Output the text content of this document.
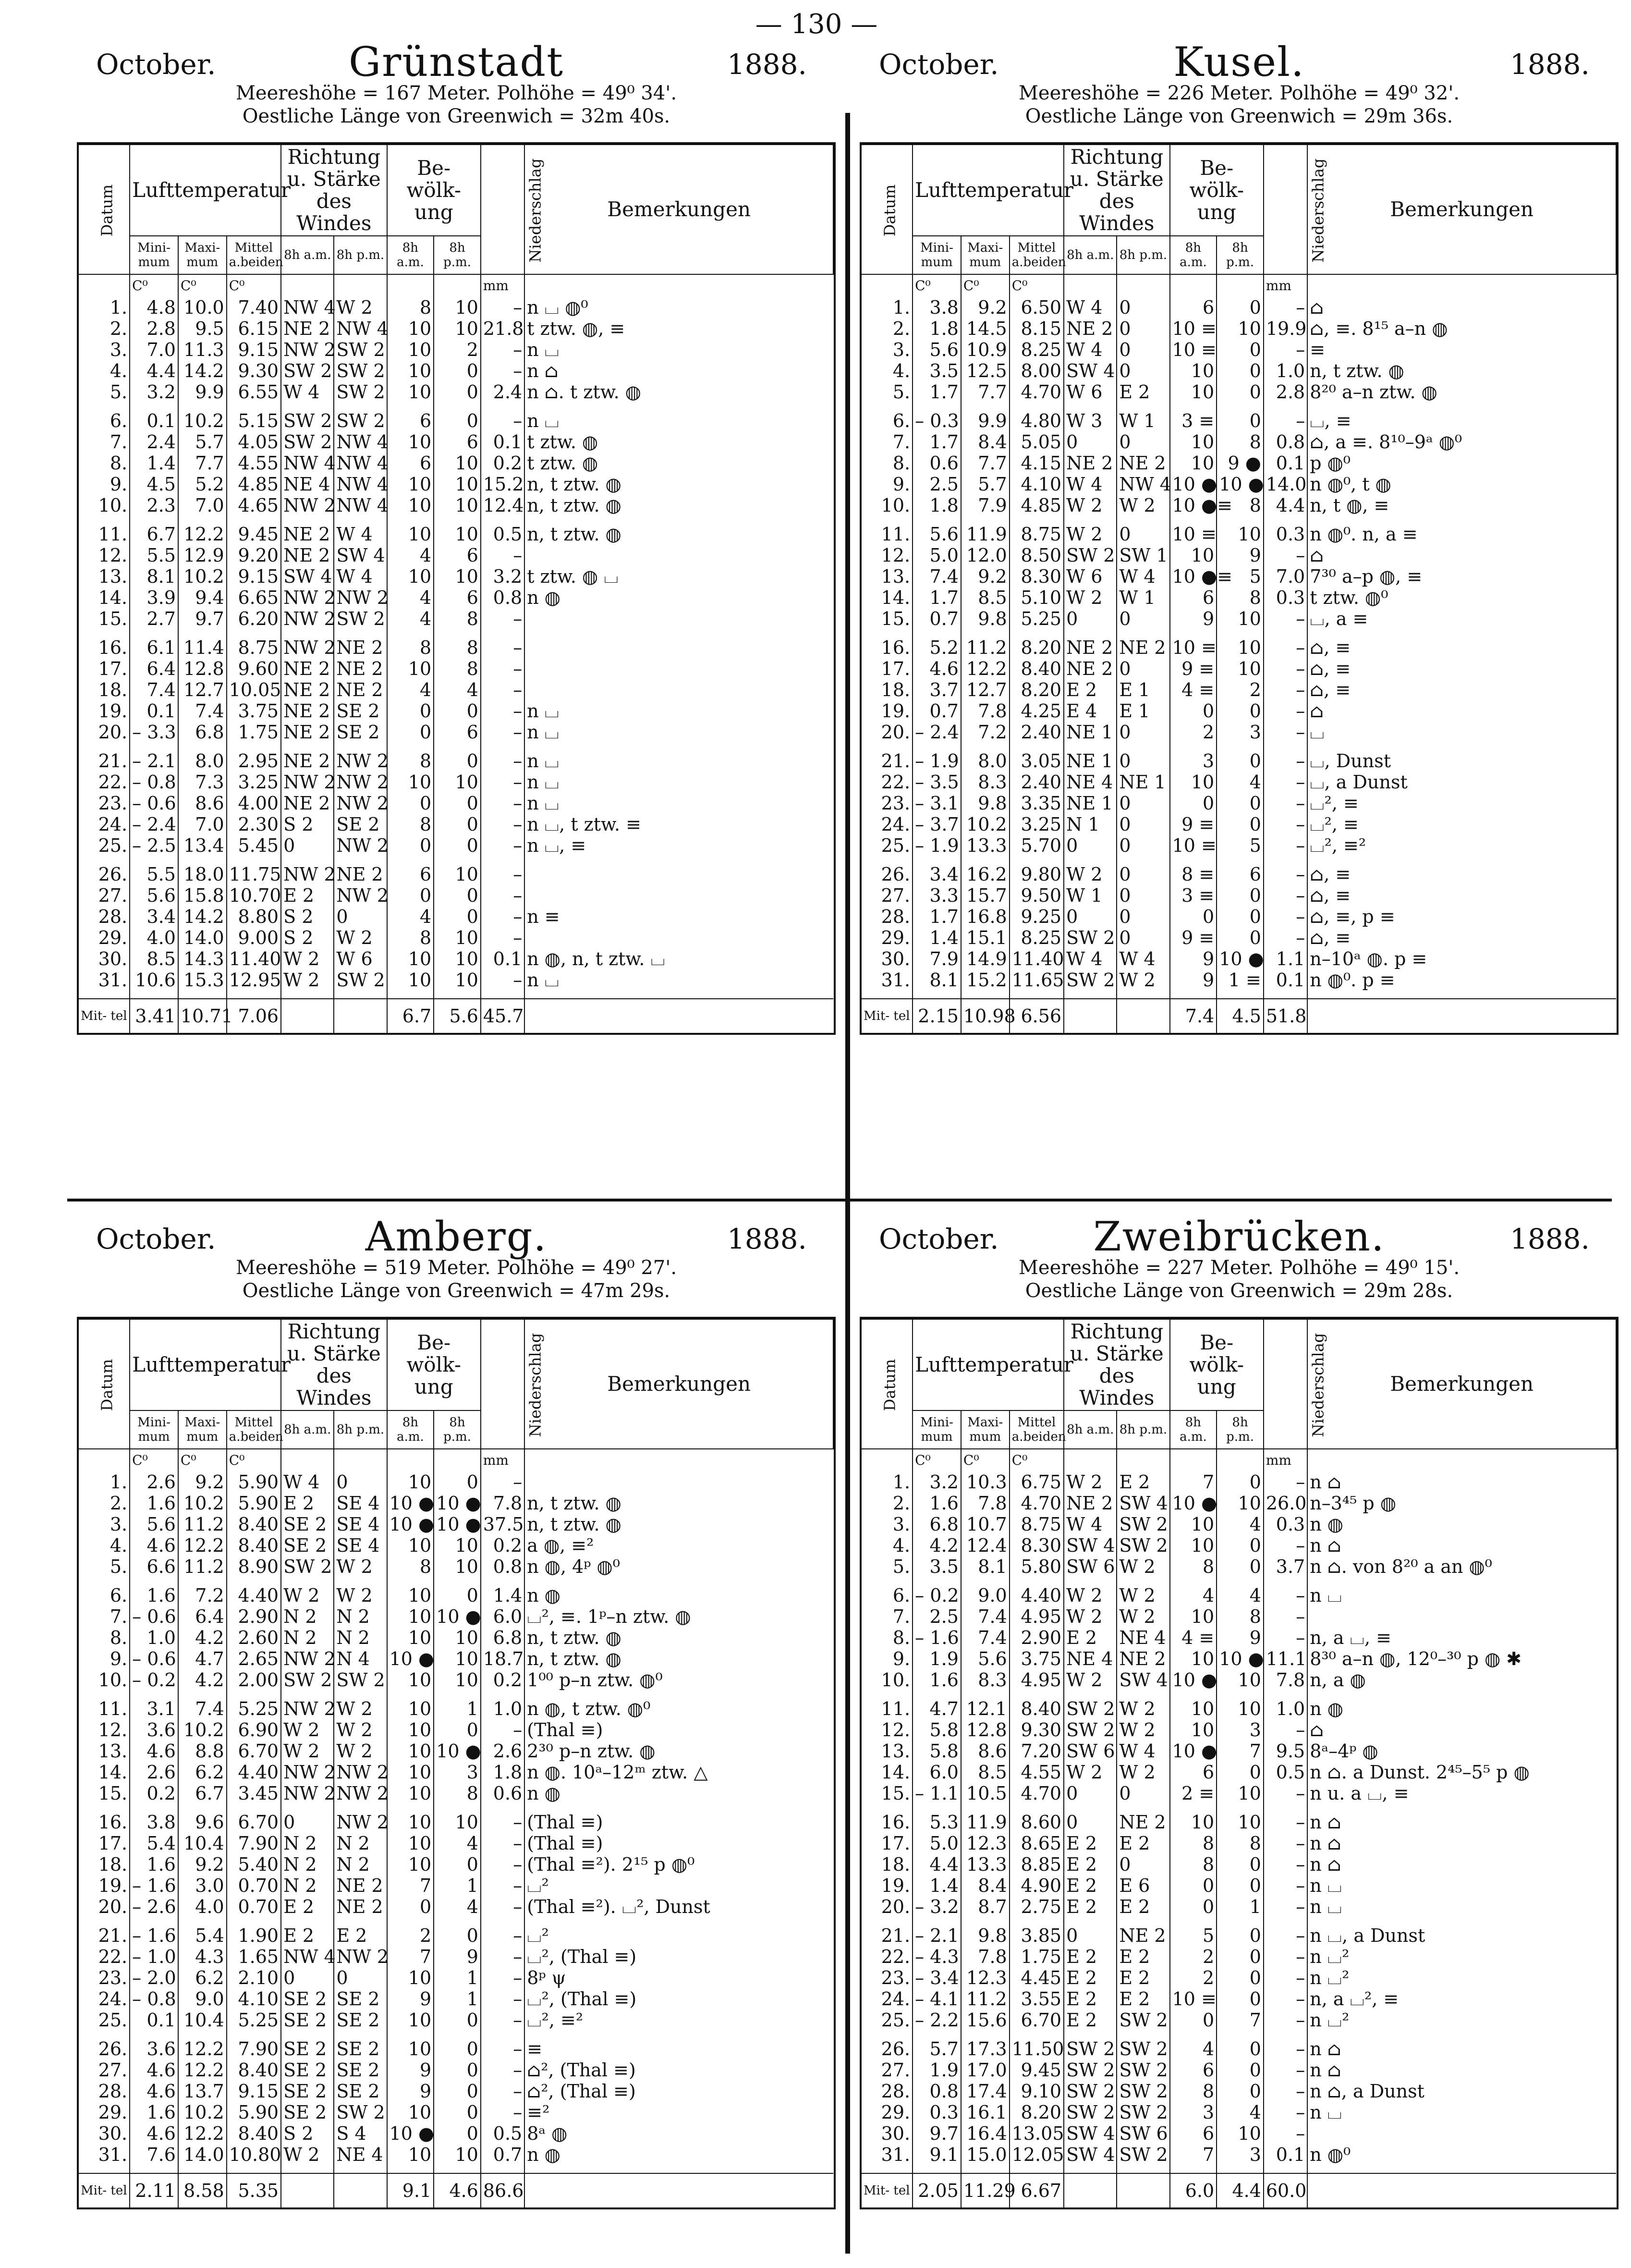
— 130 —
October.	Grünstadt	1888.
Meereshöhe = 167 Meter. Polhöhe = 49⁰ 34'.
Oestliche Länge von Greenwich = 32m 40s.
Datum	Lufttemperatur			Richtung u. Stärke des Windes		Be- wölk- ung		Niederschlag	Bemerkungen
	Mini- mum	Maxi- mum	Mittel a.beiden	8h a.m.	8h p.m.	8h a.m.	8h p.m.		
	C⁰	C⁰	C⁰					mm	
1.	4.8	10.0	7.40	NW 4	W 2	8	10	–	n ⌴ ◍⁰
2.	2.8	9.5	6.15	NE 2	NW 4	10	10	21.8	t ztw. ◍, ≡
3.	7.0	11.3	9.15	NW 2	SW 2	10	2	–	n ⌴
4.	4.4	14.2	9.30	SW 2	SW 2	10	0	–	n ⌂
5.	3.2	9.9	6.55	W 4	SW 2	10	0	2.4	n ⌂. t ztw. ◍

6.	0.1	10.2	5.15	SW 2	SW 2	6	0	–	n ⌴
7.	2.4	5.7	4.05	SW 2	NW 4	10	6	0.1	t ztw. ◍
8.	1.4	7.7	4.55	NW 4	NW 4	6	10	0.2	t ztw. ◍
9.	4.5	5.2	4.85	NE 4	NW 4	10	10	15.2	n, t ztw. ◍
10.	2.3	7.0	4.65	NW 2	NW 4	10	10	12.4	n, t ztw. ◍

11.	6.7	12.2	9.45	NE 2	W 4	10	10	0.5	n, t ztw. ◍
12.	5.5	12.9	9.20	NE 2	SW 4	4	6	–	
13.	8.1	10.2	9.15	SW 4	W 4	10	10	3.2	t ztw. ◍ ⌴
14.	3.9	9.4	6.65	NW 2	NW 2	4	6	0.8	n ◍
15.	2.7	9.7	6.20	NW 2	SW 2	4	8	–	

16.	6.1	11.4	8.75	NW 2	NE 2	8	8	–	
17.	6.4	12.8	9.60	NE 2	NE 2	10	8	–	
18.	7.4	12.7	10.05	NE 2	NE 2	4	4	–	
19.	0.1	7.4	3.75	NE 2	SE 2	0	0	–	n ⌴
20.	– 3.3	6.8	1.75	NE 2	SE 2	0	6	–	n ⌴

21.	– 2.1	8.0	2.95	NE 2	NW 2	8	0	–	n ⌴
22.	– 0.8	7.3	3.25	NW 2	NW 2	10	10	–	n ⌴
23.	– 0.6	8.6	4.00	NE 2	NW 2	0	0	–	n ⌴
24.	– 2.4	7.0	2.30	S 2	SE 2	8	0	–	n ⌴, t ztw. ≡
25.	– 2.5	13.4	5.45	0	NW 2	0	0	–	n ⌴, ≡

26.	5.5	18.0	11.75	NW 2	NE 2	6	10	–	
27.	5.6	15.8	10.70	E 2	NW 2	0	0	–	
28.	3.4	14.2	8.80	S 2	0	4	0	–	n ≡
29.	4.0	14.0	9.00	S 2	W 2	8	10	–	
30.	8.5	14.3	11.40	W 2	W 6	10	10	0.1	n ◍, n, t ztw. ⌴
31.	10.6	15.3	12.95	W 2	SW 2	10	10	–	n ⌴

Mit- tel	3.41	10.71	7.06			6.7	5.6	45.7	
October.	Kusel.	1888.
Meereshöhe = 226 Meter. Polhöhe = 49⁰ 32'.
Oestliche Länge von Greenwich = 29m 36s.
Datum	Lufttemperatur			Richtung u. Stärke des Windes		Be- wölk- ung		Niederschlag	Bemerkungen
	Mini- mum	Maxi- mum	Mittel a.beiden	8h a.m.	8h p.m.	8h a.m.	8h p.m.		
	C⁰	C⁰	C⁰					mm	
1.	3.8	9.2	6.50	W 4	0	6	0	–	⌂
2.	1.8	14.5	8.15	NE 2	0	10 ≡	10	19.9	⌂, ≡. 8¹⁵ a–n ◍
3.	5.6	10.9	8.25	W 4	0	10 ≡	0	–	≡
4.	3.5	12.5	8.00	SW 4	0	10	0	1.0	n, t ztw. ◍
5.	1.7	7.7	4.70	W 6	E 2	10	0	2.8	8²⁰ a–n ztw. ◍

6.	– 0.3	9.9	4.80	W 3	W 1	3 ≡	0	–	⌴, ≡
7.	1.7	8.4	5.05	0	0	10	8	0.8	⌂, a ≡. 8¹⁰–9ᵃ ◍⁰
8.	0.6	7.7	4.15	NE 2	NE 2	10	9 ●	0.1	p ◍⁰
9.	2.5	5.7	4.10	W 4	NW 4	10 ●	10 ●	14.0	n ◍⁰, t ◍
10.	1.8	7.9	4.85	W 2	W 2	10 ●≡	8	4.4	n, t ◍, ≡

11.	5.6	11.9	8.75	W 2	0	10 ≡	10	0.3	n ◍⁰. n, a ≡
12.	5.0	12.0	8.50	SW 2	SW 1	10	9	–	⌂
13.	7.4	9.2	8.30	W 6	W 4	10 ●≡	5	7.0	7³⁰ a–p ◍, ≡
14.	1.7	8.5	5.10	W 2	W 1	6	8	0.3	t ztw. ◍⁰
15.	0.7	9.8	5.25	0	0	9	10	–	⌴, a ≡

16.	5.2	11.2	8.20	NE 2	NE 2	10 ≡	10	–	⌂, ≡
17.	4.6	12.2	8.40	NE 2	0	9 ≡	10	–	⌂, ≡
18.	3.7	12.7	8.20	E 2	E 1	4 ≡	2	–	⌂, ≡
19.	0.7	7.8	4.25	E 4	E 1	0	0	–	⌂
20.	– 2.4	7.2	2.40	NE 1	0	2	3	–	⌴

21.	– 1.9	8.0	3.05	NE 1	0	3	0	–	⌴, Dunst
22.	– 3.5	8.3	2.40	NE 4	NE 1	10	4	–	⌴, a Dunst
23.	– 3.1	9.8	3.35	NE 1	0	0	0	–	⌴², ≡
24.	– 3.7	10.2	3.25	N 1	0	9 ≡	0	–	⌴², ≡
25.	– 1.9	13.3	5.70	0	0	10 ≡	5	–	⌴², ≡²

26.	3.4	16.2	9.80	W 2	0	8 ≡	6	–	⌂, ≡
27.	3.3	15.7	9.50	W 1	0	3 ≡	0	–	⌂, ≡
28.	1.7	16.8	9.25	0	0	0	0	–	⌂, ≡, p ≡
29.	1.4	15.1	8.25	SW 2	0	9 ≡	0	–	⌂, ≡
30.	7.9	14.9	11.40	W 4	W 4	9	10 ●	1.1	n–10ᵃ ◍. p ≡
31.	8.1	15.2	11.65	SW 2	W 2	9	1 ≡	0.1	n ◍⁰. p ≡

Mit- tel	2.15	10.98	6.56			7.4	4.5	51.8	
October.	Amberg.	1888.
Meereshöhe = 519 Meter. Polhöhe = 49⁰ 27'.
Oestliche Länge von Greenwich = 47m 29s.
Datum	Lufttemperatur			Richtung u. Stärke des Windes		Be- wölk- ung		Niederschlag	Bemerkungen
	Mini- mum	Maxi- mum	Mittel a.beiden	8h a.m.	8h p.m.	8h a.m.	8h p.m.		
	C⁰	C⁰	C⁰					mm	
1.	2.6	9.2	5.90	W 4	0	10	0	–	
2.	1.6	10.2	5.90	E 2	SE 4	10 ●	10 ●	7.8	n, t ztw. ◍
3.	5.6	11.2	8.40	SE 2	SE 4	10 ●	10 ●	37.5	n, t ztw. ◍
4.	4.6	12.2	8.40	SE 2	SE 4	10	10	0.2	a ◍, ≡²
5.	6.6	11.2	8.90	SW 2	W 2	8	10	0.8	n ◍, 4ᵖ ◍⁰

6.	1.6	7.2	4.40	W 2	W 2	10	0	1.4	n ◍
7.	– 0.6	6.4	2.90	N 2	N 2	10	10 ●	6.0	⌴², ≡. 1ᵖ–n ztw. ◍
8.	1.0	4.2	2.60	N 2	N 2	10	10	6.8	n, t ztw. ◍
9.	– 0.6	4.7	2.65	NW 2	N 4	10 ●	10	18.7	n, t ztw. ◍
10.	– 0.2	4.2	2.00	SW 2	SW 2	10	10	0.2	1⁰⁰ p–n ztw. ◍⁰

11.	3.1	7.4	5.25	NW 2	W 2	10	1	1.0	n ◍, t ztw. ◍⁰
12.	3.6	10.2	6.90	W 2	W 2	10	0	–	(Thal ≡)
13.	4.6	8.8	6.70	W 2	W 2	10	10 ●	2.6	2³⁰ p–n ztw. ◍
14.	2.6	6.2	4.40	NW 2	NW 2	10	3	1.8	n ◍. 10ᵃ–12ᵐ ztw. △
15.	0.2	6.7	3.45	NW 2	NW 2	10	8	0.6	n ◍

16.	3.8	9.6	6.70	0	NW 2	10	10	–	(Thal ≡)
17.	5.4	10.4	7.90	N 2	N 2	10	4	–	(Thal ≡)
18.	1.6	9.2	5.40	N 2	N 2	10	0	–	(Thal ≡²). 2¹⁵ p ◍⁰
19.	– 1.6	3.0	0.70	N 2	NE 2	7	1	–	⌴²
20.	– 2.6	4.0	0.70	E 2	NE 2	0	4	–	(Thal ≡²). ⌴², Dunst

21.	– 1.6	5.4	1.90	E 2	E 2	2	0	–	⌴²
22.	– 1.0	4.3	1.65	NW 4	NW 2	7	9	–	⌴², (Thal ≡)
23.	– 2.0	6.2	2.10	0	0	10	1	–	8ᵖ ψ
24.	– 0.8	9.0	4.10	SE 2	SE 2	9	1	–	⌴², (Thal ≡)
25.	0.1	10.4	5.25	SE 2	SE 2	10	0	–	⌴², ≡²

26.	3.6	12.2	7.90	SE 2	SE 2	10	0	–	≡
27.	4.6	12.2	8.40	SE 2	SE 2	9	0	–	⌂², (Thal ≡)
28.	4.6	13.7	9.15	SE 2	SE 2	9	0	–	⌂², (Thal ≡)
29.	1.6	10.2	5.90	SE 2	SW 2	10	0	–	≡²
30.	4.6	12.2	8.40	S 2	S 4	10 ●	0	0.5	8ᵃ ◍
31.	7.6	14.0	10.80	W 2	NE 4	10	10	0.7	n ◍

Mit- tel	2.11	8.58	5.35			9.1	4.6	86.6	
October.	Zweibrücken.	1888.
Meereshöhe = 227 Meter. Polhöhe = 49⁰ 15'.
Oestliche Länge von Greenwich = 29m 28s.
Datum	Lufttemperatur			Richtung u. Stärke des Windes		Be- wölk- ung		Niederschlag	Bemerkungen
	Mini- mum	Maxi- mum	Mittel a.beiden	8h a.m.	8h p.m.	8h a.m.	8h p.m.		
	C⁰	C⁰	C⁰					mm	
1.	3.2	10.3	6.75	W 2	E 2	7	0	–	n ⌂
2.	1.6	7.8	4.70	NE 2	SW 4	10 ●	10	26.0	n–3⁴⁵ p ◍
3.	6.8	10.7	8.75	W 4	SW 2	10	4	0.3	n ◍
4.	4.2	12.4	8.30	SW 4	SW 2	10	0	–	n ⌂
5.	3.5	8.1	5.80	SW 6	W 2	8	0	3.7	n ⌂. von 8²⁰ a an ◍⁰

6.	– 0.2	9.0	4.40	W 2	W 2	4	4	–	n ⌴
7.	2.5	7.4	4.95	W 2	W 2	10	8	–	
8.	– 1.6	7.4	2.90	E 2	NE 4	4 ≡	9	–	n, a ⌴, ≡
9.	1.9	5.6	3.75	NE 4	NE 2	10	10 ●	11.1	8³⁰ a–n ◍, 12⁰–³⁰ p ◍ ✱
10.	1.6	8.3	4.95	W 2	SW 4	10 ●	10	7.8	n, a ◍

11.	4.7	12.1	8.40	SW 2	W 2	10	10	1.0	n ◍
12.	5.8	12.8	9.30	SW 2	W 2	10	3	–	⌂
13.	5.8	8.6	7.20	SW 6	W 4	10 ●	7	9.5	8ᵃ–4ᵖ ◍
14.	6.0	8.5	4.55	W 2	W 2	6	0	0.5	n ⌂. a Dunst. 2⁴⁵–5⁵ p ◍
15.	– 1.1	10.5	4.70	0	0	2 ≡	10	–	n u. a ⌴, ≡

16.	5.3	11.9	8.60	0	NE 2	10	10	–	n ⌂
17.	5.0	12.3	8.65	E 2	E 2	8	8	–	n ⌂
18.	4.4	13.3	8.85	E 2	0	8	0	–	n ⌂
19.	1.4	8.4	4.90	E 2	E 6	0	0	–	n ⌴
20.	– 3.2	8.7	2.75	E 2	E 2	0	1	–	n ⌴

21.	– 2.1	9.8	3.85	0	NE 2	5	0	–	n ⌴, a Dunst
22.	– 4.3	7.8	1.75	E 2	E 2	2	0	–	n ⌴²
23.	– 3.4	12.3	4.45	E 2	E 2	2	0	–	n ⌴²
24.	– 4.1	11.2	3.55	E 2	E 2	10 ≡	0	–	n, a ⌴², ≡
25.	– 2.2	15.6	6.70	E 2	SW 2	0	7	–	n ⌴²

26.	5.7	17.3	11.50	SW 2	SW 2	4	0	–	n ⌂
27.	1.9	17.0	9.45	SW 2	SW 2	6	0	–	n ⌂
28.	0.8	17.4	9.10	SW 2	SW 2	8	0	–	n ⌂, a Dunst
29.	0.3	16.1	8.20	SW 2	SW 2	3	4	–	n ⌴
30.	9.7	16.4	13.05	SW 4	SW 6	6	10	–	
31.	9.1	15.0	12.05	SW 4	SW 2	7	3	0.1	n ◍⁰

Mit- tel	2.05	11.29	6.67			6.0	4.4	60.0	
